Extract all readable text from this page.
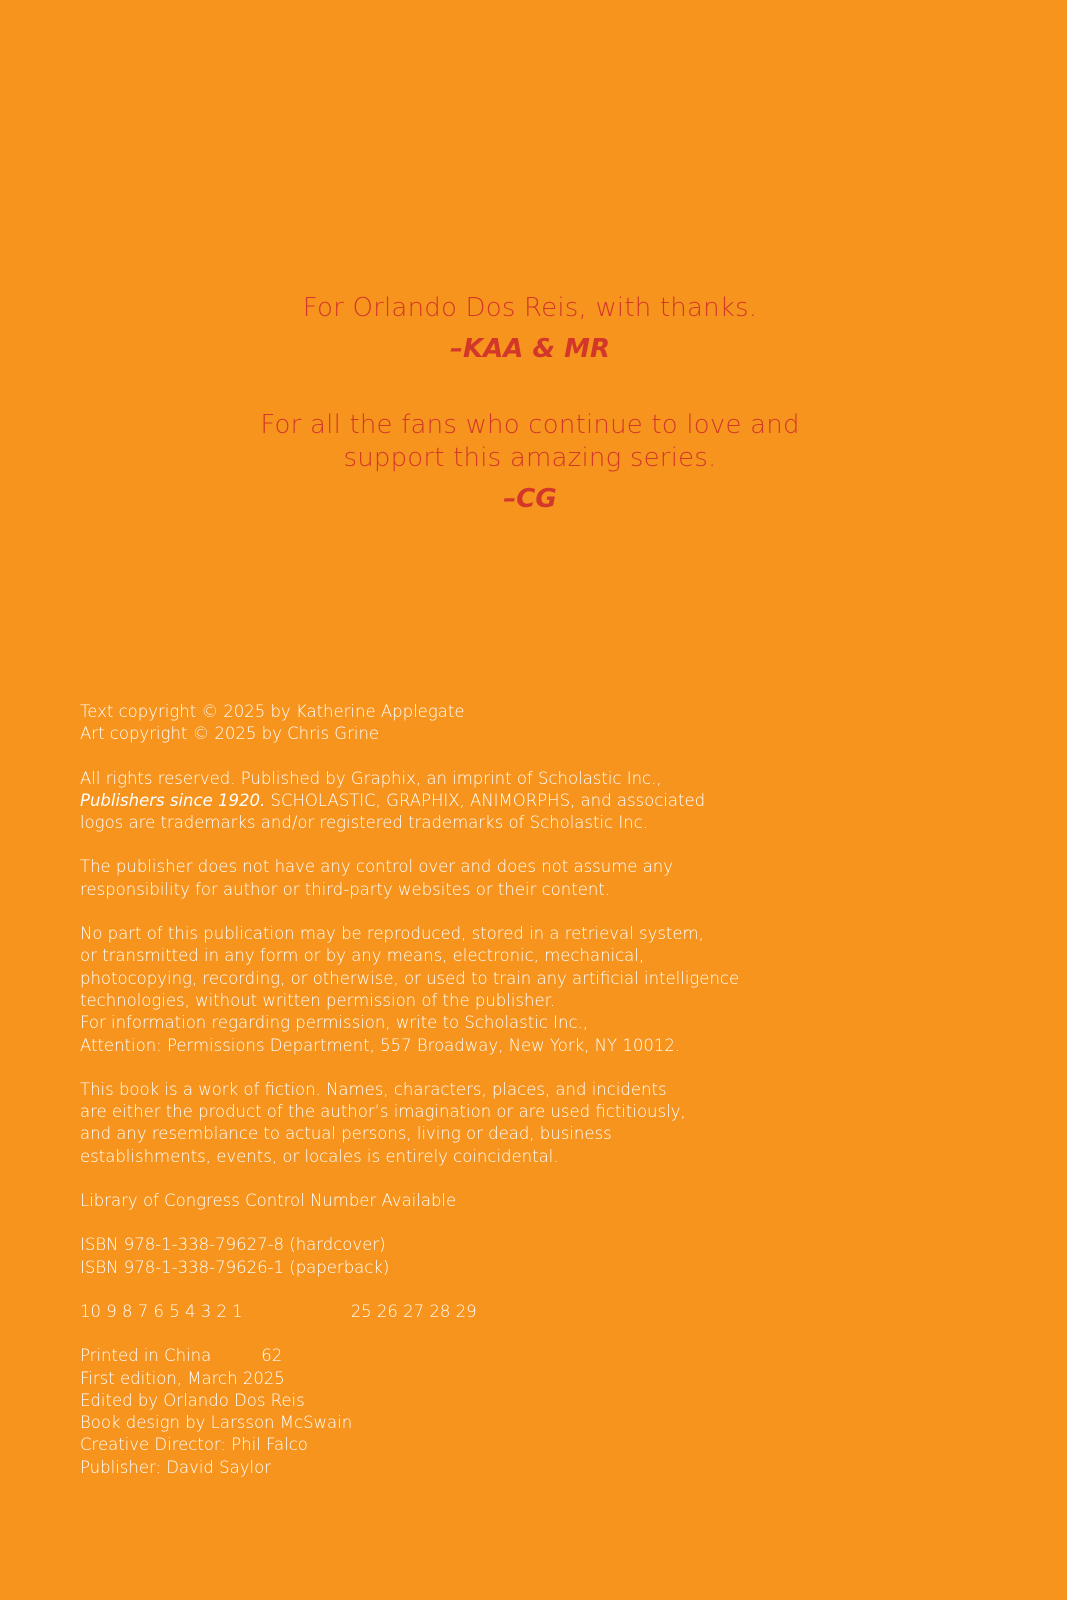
For Orlando Dos Reis, with thanks.
–KAA & MR
For all the fans who continue to love and
support this amazing series.
–CG
Text copyright © 2025 by Katherine Applegate
Art copyright © 2025 by Chris Grine
All rights reserved. Published by Graphix, an imprint of Scholastic Inc.,
Publishers since 1920. SCHOLASTIC, GRAPHIX, ANIMORPHS, and associated
logos are trademarks and/or registered trademarks of Scholastic Inc.
The publisher does not have any control over and does not assume any
responsibility for author or third-party websites or their content.
No part of this publication may be reproduced, stored in a retrieval system,
or transmitted in any form or by any means, electronic, mechanical,
photocopying, recording, or otherwise, or used to train any artificial intelligence
technologies, without written permission of the publisher.
For information regarding permission, write to Scholastic Inc.,
Attention: Permissions Department, 557 Broadway, New York, NY 10012.
This book is a work of fiction. Names, characters, places, and incidents
are either the product of the author’s imagination or are used fictitiously,
and any resemblance to actual persons, living or dead, business
establishments, events, or locales is entirely coincidental.
Library of Congress Control Number Available
ISBN 978-1-338-79627-8 (hardcover)
ISBN 978-1-338-79626-1 (paperback)
10 9 8 7 6 5 4 3 2 1	25 26 27 28 29
Printed in China	62
First edition, March 2025
Edited by Orlando Dos Reis
Book design by Larsson McSwain
Creative Director: Phil Falco
Publisher: David Saylor
